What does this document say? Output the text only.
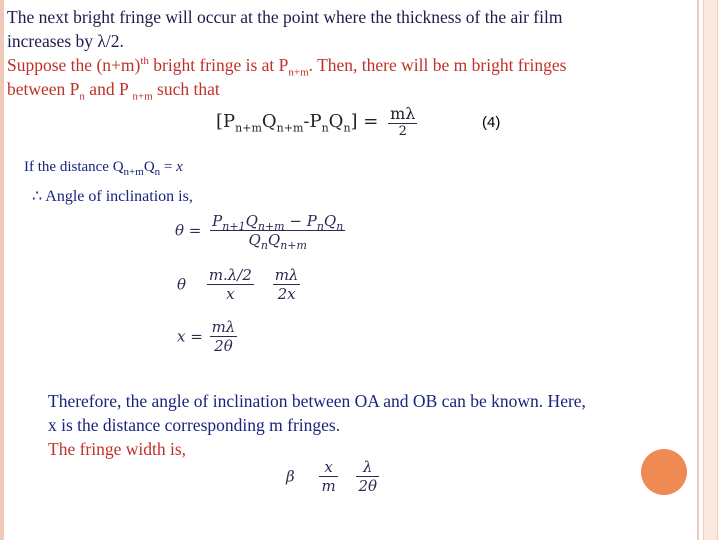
The next bright fringe will occur at the point where the thickness of the air film
increases by λ/2.
Suppose the $(n+m)^{th}$ bright fringe is at $P_{n+m}$. Then, there will be m bright fringes
between $P_n$ and P $_{n+m}$ such that
$[P_{n+m}Q_{n+m}-P_nQ_n] = \frac{m\lambda}{2}$	(4)
If the distance $Q_{n+m}Q_n = x$
∴ Angle of inclination is,
$\theta = \frac{P_{n+1}Q_{n+m} - P_nQ_n}{Q_nQ_{n+m}}$
θ $\frac{m.\lambda/2}{x}$
$\frac{m\lambda}{2x}$
$x = \frac{m\lambda}{2\theta}$
Therefore, the angle of inclination between OA and OB can be known. Here,
x is the distance corresponding m fringes.
The fringe width is,
β $\frac{x}{m}$
$\frac{\lambda}{2\theta}$
